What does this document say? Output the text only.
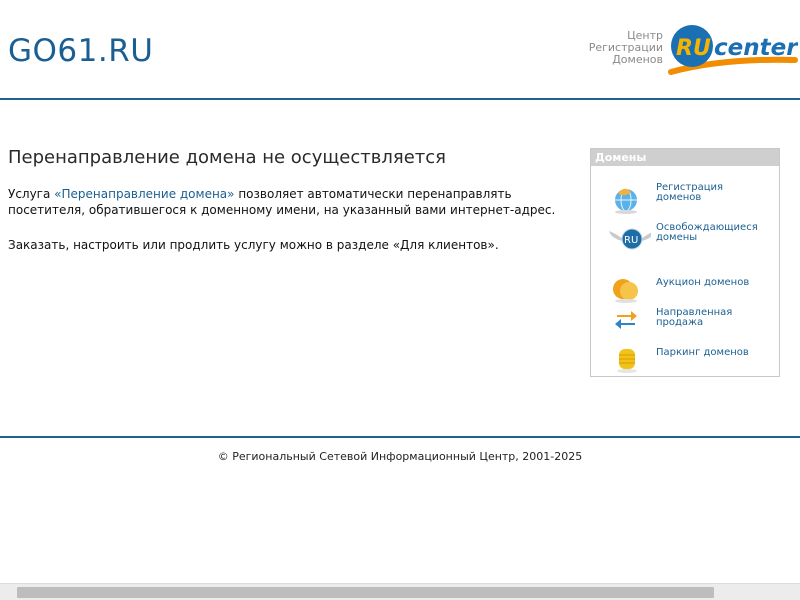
GO61.RU	Центр
Регистрации
Доменов RU center
Перенаправление домена не осуществляется

Услуга «Перенаправление домена» позволяет автоматически перенаправлять посетителя, обратившегося к доменному имени, на указанный вами интернет-адрес.

Заказать, настроить или продлить услугу можно в разделе «Для клиентов».

Домены
Регистрация доменов
RU
Освобождающиеся домены
Аукцион доменов
Направленная продажа
Паркинг доменов
© Региональный Сетевой Информационный Центр, 2001-2025
